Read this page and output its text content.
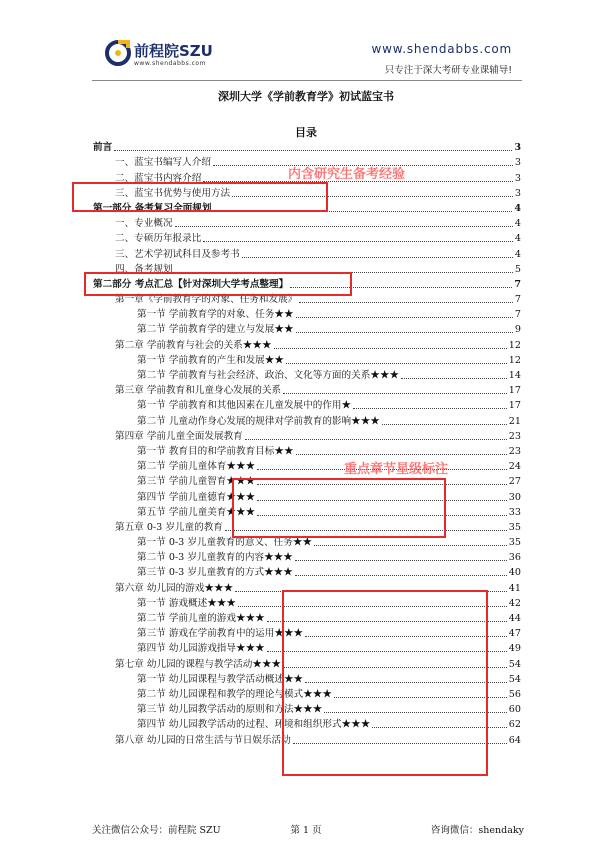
前程院SZU
www.shendabbs.com
www.shendabbs.com
只专注于深大考研专业课辅导!
深圳大学《学前教育学》初试蓝宝书
目录
前言	3
一、蓝宝书编写人介绍	3
二、蓝宝书内容介绍	3
三、蓝宝书优势与使用方法	3
第一部分 备考复习全面规划	4
一、专业概况	4
二、专硕历年报录比	4
三、艺术学初试科目及参考书	4
四、备考规划	5
第二部分 考点汇总【针对深圳大学考点整理】	7
第一章《学前教育学的对象、任务和发展》	7
第一节 学前教育学的对象、任务★★	7
第二节 学前教育学的建立与发展★★	9
第二章 学前教育与社会的关系★★★	12
第一节 学前教育的产生和发展★★	12
第二节 学前教育与社会经济、政治、文化等方面的关系★★★	14
第三章 学前教育和儿童身心发展的关系	17
第一节 学前教育和其他因素在儿童发展中的作用★	17
第二节 儿童动作身心发展的规律对学前教育的影响★★★	21
第四章 学前儿童全面发展教育	23
第一节 教育目的和学前教育目标★★	23
第二节 学前儿童体育★★★	24
第三节 学前儿童智育★★★	27
第四节 学前儿童德育★★★	30
第五节 学前儿童美育★★★	33
第五章 0-3 岁儿童的教育	35
第一节 0-3 岁儿童教育的意义、任务★★	35
第二节 0-3 岁儿童教育的内容★★★	36
第三节 0-3 岁儿童教育的方式★★★	40
第六章 幼儿园的游戏★★★	41
第一节 游戏概述★★★	42
第二节 学前儿童的游戏★★★	44
第三节 游戏在学前教育中的运用★★★	47
第四节 幼儿园游戏指导★★★	49
第七章 幼儿园的课程与教学活动★★★	54
第一节 幼儿园课程与教学活动概述★★	54
第二节 幼儿园课程和教学的理论与模式★★★	56
第三节 幼儿园教学活动的原则和方法★★★	60
第四节 幼儿园教学活动的过程、环境和组织形式★★★	62
第八章 幼儿园的日常生活与节日娱乐活动	64
内含研究生备考经验
重点章节星级标注
关注微信公众号：前程院 SZU	第 1 页	咨询微信：shendaky
